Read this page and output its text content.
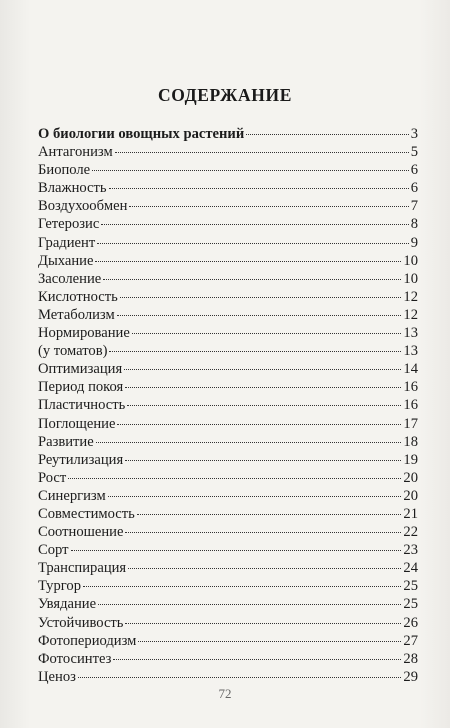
СОДЕРЖАНИЕ
О биологии овощных растений	3
Антагонизм	5
Биополе	6
Влажность	6
Воздухообмен	7
Гетерозис	8
Градиент	9
Дыхание	10
Засоление	10
Кислотность	12
Метаболизм	12
Нормирование	13
(у томатов)	13
Оптимизация	14
Период покоя	16
Пластичность	16
Поглощение	17
Развитие	18
Реутилизация	19
Рост	20
Синергизм	20
Совместимость	21
Соотношение	22
Сорт	23
Транспирация	24
Тургор	25
Увядание	25
Устойчивость	26
Фотопериодизм	27
Фотосинтез	28
Ценоз	29
72
